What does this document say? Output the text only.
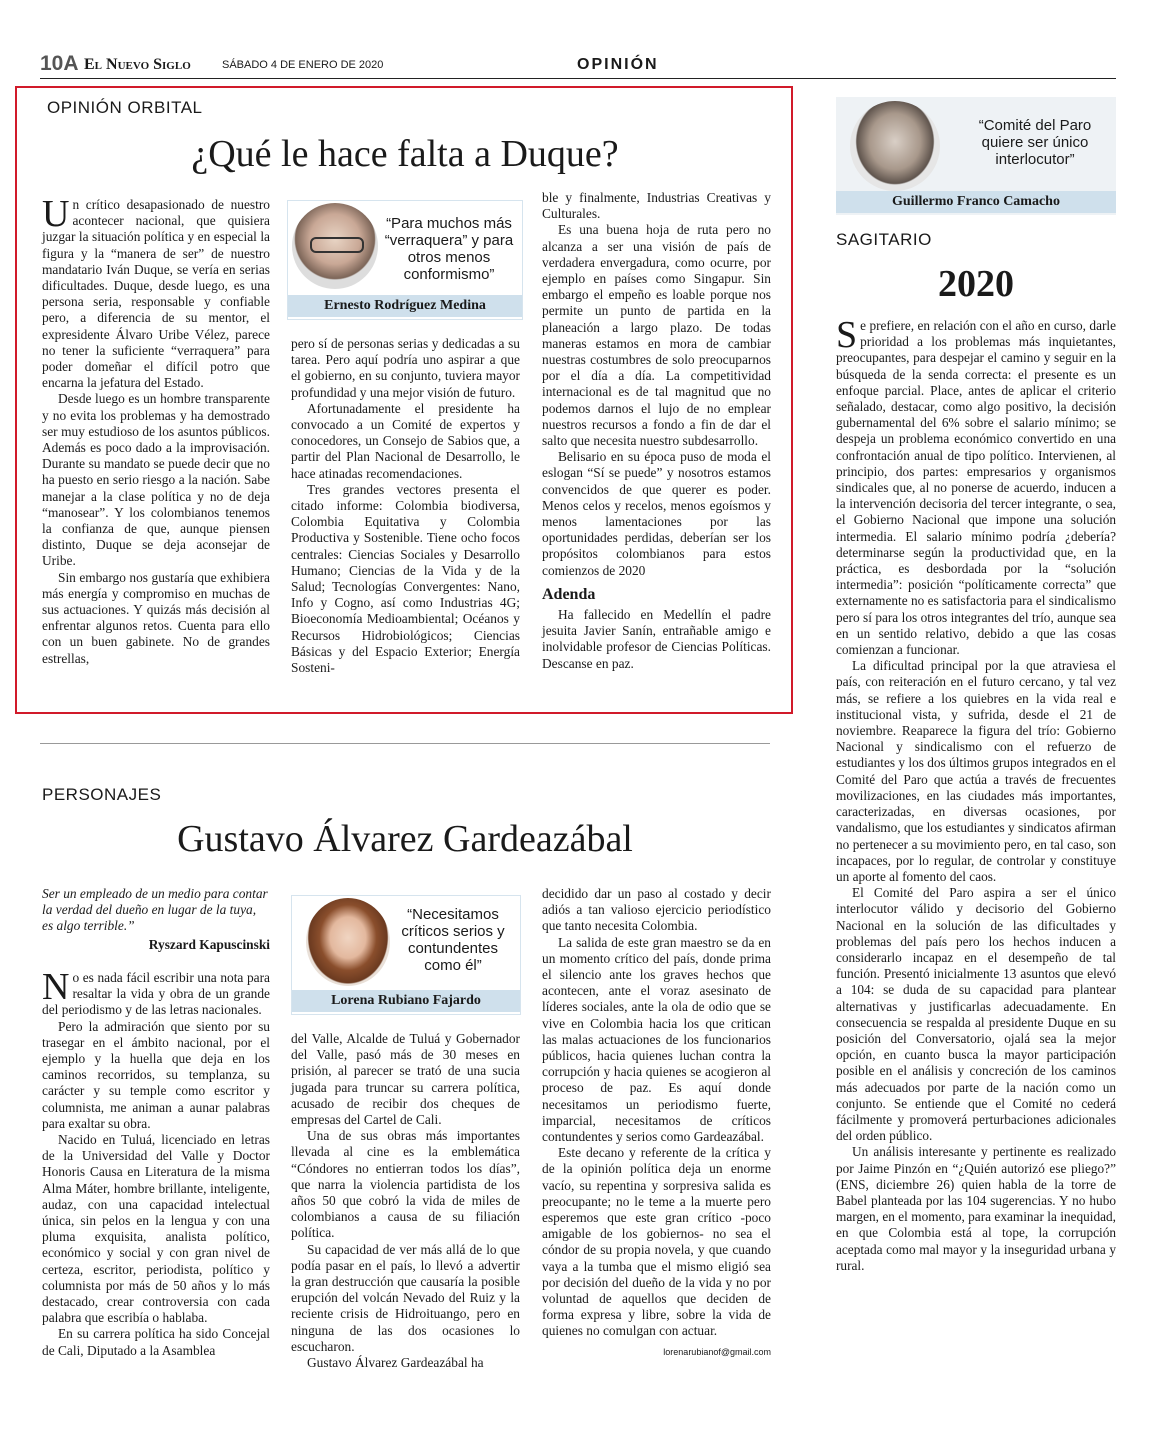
10A El Nuevo Siglo	SÁBADO 4 DE ENERO DE 2020	OPINIÓN
OPINIÓN ORBITAL
¿Qué le hace falta a Duque?

Un crítico desapasionado de nuestro acontecer nacional, que quisiera juzgar la situación política y en especial la figura y la “manera de ser” de nuestro mandatario Iván Duque, se vería en serias dificultades. Duque, desde luego, es una persona seria, responsable y confiable pero, a diferencia de su mentor, el expresidente Álvaro Uribe Vélez, parece no tener la suficiente “verraquera” para poder domeñar el difícil potro que encarna la jefatura del Estado.

Desde luego es un hombre transparente y no evita los problemas y ha demostrado ser muy estudioso de los asuntos públicos. Además es poco dado a la improvisación. Durante su mandato se puede decir que no ha puesto en serio riesgo a la nación. Sabe manejar a la clase política y no de deja “manosear”. Y los colombianos tenemos la confianza de que, aunque piensen distinto, Duque se deja aconsejar de Uribe.

Sin embargo nos gustaría que exhibiera más energía y compromiso en muchas de sus actuaciones. Y quizás más decisión al enfrentar algunos retos. Cuenta para ello con un buen gabinete. No de grandes estrellas,

“Para muchos más “verraquera” y para otros menos conformismo”
Ernesto Rodríguez Medina

pero sí de personas serias y dedicadas a su tarea. Pero aquí podría uno aspirar a que el gobierno, en su conjunto, tuviera mayor profundidad y una mejor visión de futuro.

Afortunadamente el presidente ha convocado a un Comité de expertos y conocedores, un Consejo de Sabios que, a partir del Plan Nacional de Desarrollo, le hace atinadas recomendaciones.

Tres grandes vectores presenta el citado informe: Colombia biodiversa, Colombia Equitativa y Colombia Productiva y Sostenible. Tiene ocho focos centrales: Ciencias Sociales y Desarrollo Humano; Ciencias de la Vida y de la Salud; Tecnologías Convergentes: Nano, Info y Cogno, así como Industrias 4G; Bioeconomía Medioambiental; Océanos y Recursos Hidrobiológicos; Ciencias Básicas y del Espacio Exterior; Energía Sosteni-

ble y finalmente, Industrias Creativas y Culturales.

Es una buena hoja de ruta pero no alcanza a ser una visión de país de verdadera envergadura, como ocurre, por ejemplo en países como Singapur. Sin embargo el empeño es loable porque nos permite un punto de partida en la planeación a largo plazo. De todas maneras estamos en mora de cambiar nuestras costumbres de solo preocuparnos por el día a día. La competitividad internacional es de tal magnitud que no podemos darnos el lujo de no emplear nuestros recursos a fondo a fin de dar el salto que necesita nuestro subdesarrollo.

Belisario en su época puso de moda el eslogan “Sí se puede” y nosotros estamos convencidos de que querer es poder. Menos celos y recelos, menos egoísmos y menos lamentaciones por las oportunidades perdidas, deberían ser los propósitos colombianos para estos comienzos de 2020

Adenda

Ha fallecido en Medellín el padre jesuita Javier Sanín, entrañable amigo e inolvidable profesor de Ciencias Políticas. Descanse en paz.

PERSONAJES
Gustavo Álvarez Gardeazábal
Ser un empleado de un medio para contar la verdad del dueño en lugar de la tuya, es algo terrible.”
Ryszard Kapuscinski

No es nada fácil escribir una nota para resaltar la vida y obra de un grande del periodismo y de las letras nacionales.

Pero la admiración que siento por su trasegar en el ámbito nacional, por el ejemplo y la huella que deja en los caminos recorridos, su templanza, su carácter y su temple como escritor y columnista, me animan a aunar palabras para exaltar su obra.

Nacido en Tuluá, licenciado en letras de la Universidad del Valle y Doctor Honoris Causa en Literatura de la misma Alma Máter, hombre brillante, inteligente, audaz, con una capacidad intelectual única, sin pelos en la lengua y con una pluma exquisita, analista político, económico y social y con gran nivel de certeza, escritor, periodista, político y columnista por más de 50 años y lo más destacado, crear controversia con cada palabra que escribía o hablaba.

En su carrera política ha sido Concejal de Cali, Diputado a la Asamblea

“Necesitamos críticos serios y contundentes como él”
Lorena Rubiano Fajardo

del Valle, Alcalde de Tuluá y Gobernador del Valle, pasó más de 30 meses en prisión, al parecer se trató de una sucia jugada para truncar su carrera política, acusado de recibir dos cheques de empresas del Cartel de Cali.

Una de sus obras más importantes llevada al cine es la emblemática “Cóndores no entierran todos los días”, que narra la violencia partidista de los años 50 que cobró la vida de miles de colombianos a causa de su filiación política.

Su capacidad de ver más allá de lo que podía pasar en el país, lo llevó a advertir la gran destrucción que causaría la posible erupción del volcán Nevado del Ruiz y la reciente crisis de Hidroituango, pero en ninguna de las dos ocasiones lo escucharon.

Gustavo Álvarez Gardeazábal ha

decidido dar un paso al costado y decir adiós a tan valioso ejercicio periodístico que tanto necesita Colombia.

La salida de este gran maestro se da en un momento crítico del país, donde prima el silencio ante los graves hechos que acontecen, ante el voraz asesinato de líderes sociales, ante la ola de odio que se vive en Colombia hacia los que critican las malas actuaciones de los funcionarios públicos, hacia quienes luchan contra la corrupción y hacia quienes se acogieron al proceso de paz. Es aquí donde necesitamos un periodismo fuerte, imparcial, necesitamos de críticos contundentes y serios como Gardeazábal.

Este decano y referente de la crítica y de la opinión política deja un enorme vacío, su repentina y sorpresiva salida es preocupante; no le teme a la muerte pero esperemos que este gran crítico -poco amigable de los gobiernos- no sea el cóndor de su propia novela, y que cuando vaya a la tumba que el mismo eligió sea por decisión del dueño de la vida y no por voluntad de aquellos que deciden de forma expresa y libre, sobre la vida de quienes no comulgan con actuar.

lorenarubianof@gmail.com
“Comité del Paro quiere ser único interlocutor”
Guillermo Franco Camacho
SAGITARIO
2020

Se prefiere, en relación con el año en curso, darle prioridad a los problemas más inquietantes, preocupantes, para despejar el camino y seguir en la búsqueda de la senda correcta: el presente es un enfoque parcial. Place, antes de aplicar el criterio señalado, destacar, como algo positivo, la decisión gubernamental del 6% sobre el salario mínimo; se despeja un problema económico convertido en una confrontación anual de tipo político. Intervienen, al principio, dos partes: empresarios y organismos sindicales que, al no ponerse de acuerdo, inducen a la intervención decisoria del tercer integrante, o sea, el Gobierno Nacional que impone una solución intermedia. El salario mínimo podría ¿debería? determinarse según la productividad que, en la práctica, es desbordada por la “solución intermedia”: posición “políticamente correcta” que externamente no es satisfactoria para el sindicalismo pero sí para los otros integrantes del trío, aunque sea en un sentido relativo, debido a que las cosas comienzan a funcionar.

La dificultad principal por la que atraviesa el país, con reiteración en el futuro cercano, y tal vez más, se refiere a los quiebres en la vida real e institucional vista, y sufrida, desde el 21 de noviembre. Reaparece la figura del trío: Gobierno Nacional y sindicalismo con el refuerzo de estudiantes y los dos últimos grupos integrados en el Comité del Paro que actúa a través de frecuentes movilizaciones, en las ciudades más importantes, caracterizadas, en diversas ocasiones, por vandalismo, que los estudiantes y sindicatos afirman no pertenecer a su movimiento pero, en tal caso, son incapaces, por lo regular, de controlar y constituye un aporte al fomento del caos.

El Comité del Paro aspira a ser el único interlocutor válido y decisorio del Gobierno Nacional en la solución de las dificultades y problemas del país pero los hechos inducen a considerarlo incapaz en el desempeño de tal función. Presentó inicialmente 13 asuntos que elevó a 104: se duda de su capacidad para plantear alternativas y justificarlas adecuadamente. En consecuencia se respalda al presidente Duque en su posición del Conversatorio, ojalá sea la mejor opción, en cuanto busca la mayor participación posible en el análisis y concreción de los caminos más adecuados por parte de la nación como un conjunto. Se entiende que el Comité no cederá fácilmente y promoverá perturbaciones adicionales del orden público.

Un análisis interesante y pertinente es realizado por Jaime Pinzón en “¿Quién autorizó ese pliego?” (ENS, diciembre 26) quien habla de la torre de Babel planteada por las 104 sugerencias. Y no hubo margen, en el momento, para examinar la inequidad, en que Colombia está al tope, la corrupción aceptada como mal mayor y la inseguridad urbana y rural.
